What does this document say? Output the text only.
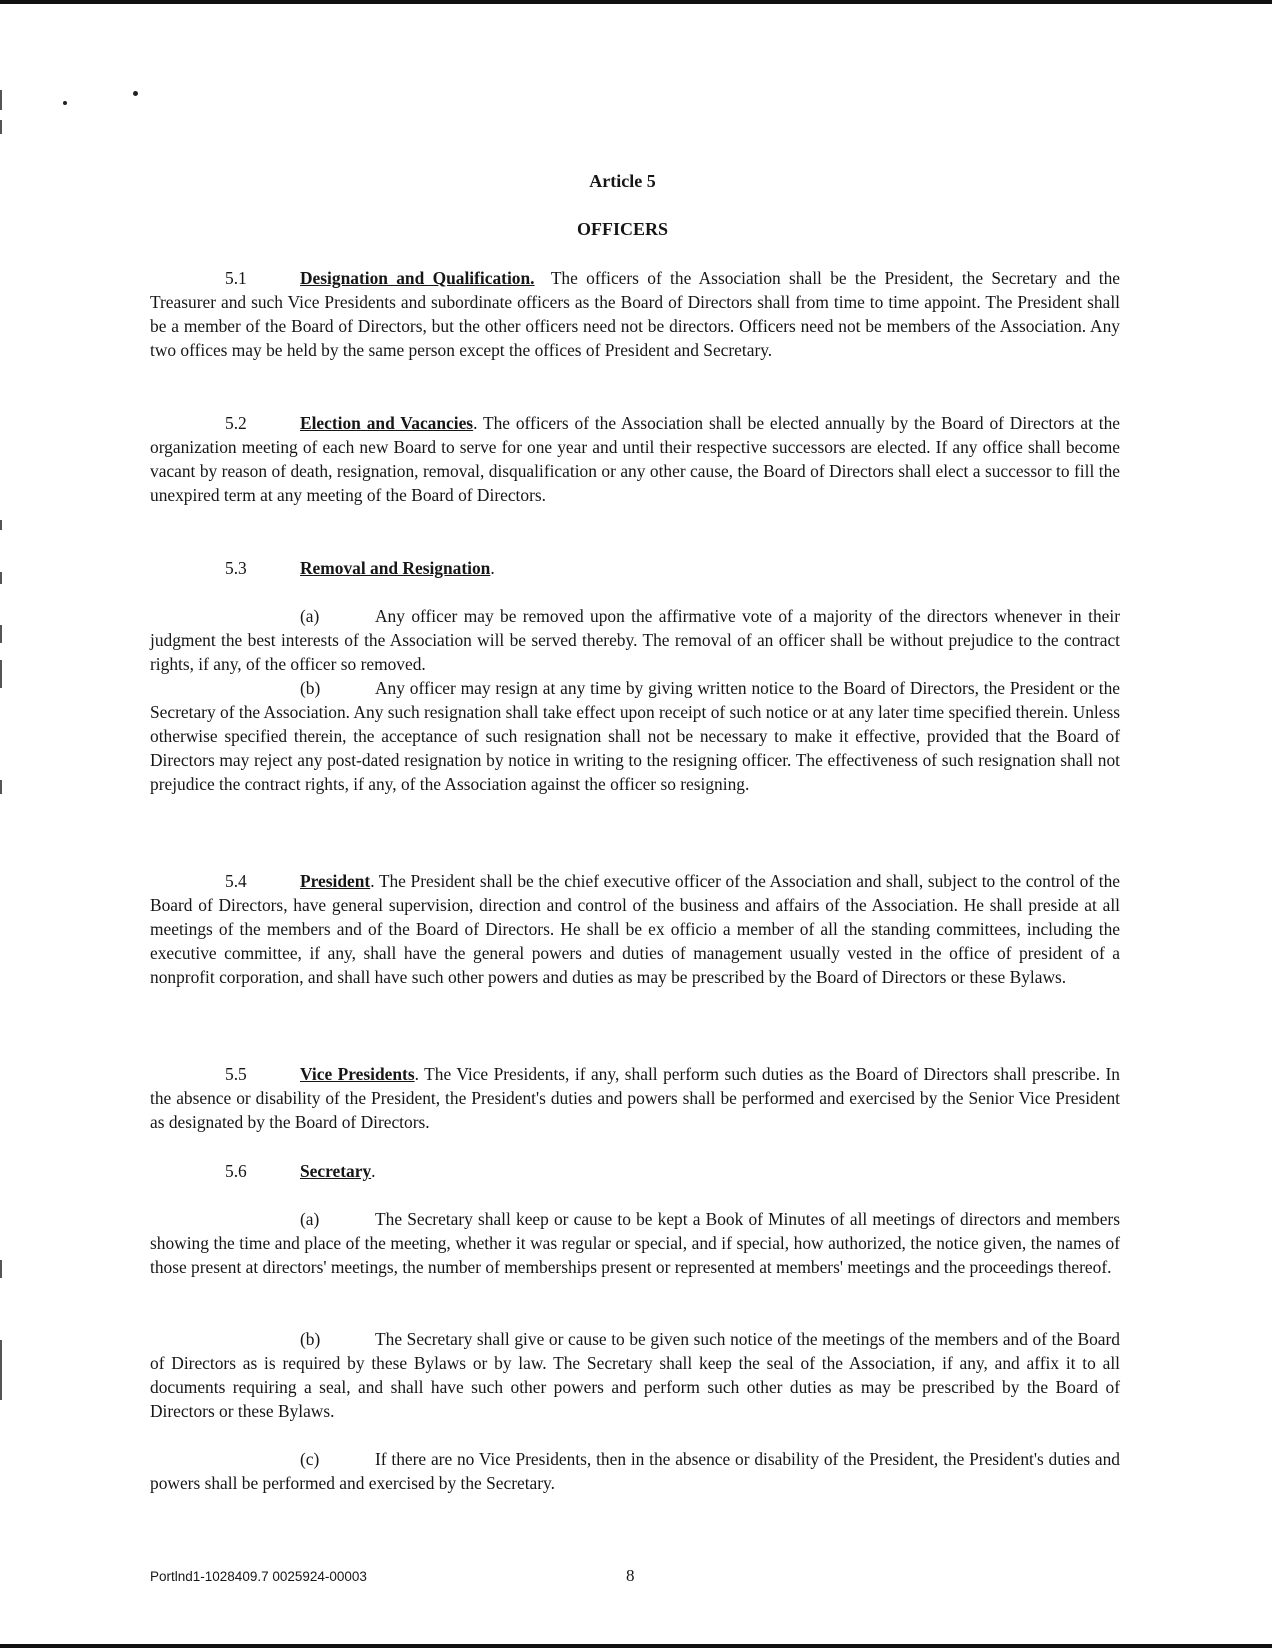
Article 5
OFFICERS

5.1	Designation and Qualification. The officers of the Association shall be the President, the Secretary and the Treasurer and such Vice Presidents and subordinate officers as the Board of Directors shall from time to time appoint. The President shall be a member of the Board of Directors, but the other officers need not be directors. Officers need not be members of the Association. Any two offices may be held by the same person except the offices of President and Secretary.

5.2	Election and Vacancies. The officers of the Association shall be elected annually by the Board of Directors at the organization meeting of each new Board to serve for one year and until their respective successors are elected. If any office shall become vacant by reason of death, resignation, removal, disqualification or any other cause, the Board of Directors shall elect a successor to fill the unexpired term at any meeting of the Board of Directors.

5.3	Removal and Resignation.

(a)	Any officer may be removed upon the affirmative vote of a majority of the directors whenever in their judgment the best interests of the Association will be served thereby. The removal of an officer shall be without prejudice to the contract rights, if any, of the officer so removed.

(b)	Any officer may resign at any time by giving written notice to the Board of Directors, the President or the Secretary of the Association. Any such resignation shall take effect upon receipt of such notice or at any later time specified therein. Unless otherwise specified therein, the acceptance of such resignation shall not be necessary to make it effective, provided that the Board of Directors may reject any post-dated resignation by notice in writing to the resigning officer. The effectiveness of such resignation shall not prejudice the contract rights, if any, of the Association against the officer so resigning.

5.4	President. The President shall be the chief executive officer of the Association and shall, subject to the control of the Board of Directors, have general supervision, direction and control of the business and affairs of the Association. He shall preside at all meetings of the members and of the Board of Directors. He shall be ex officio a member of all the standing committees, including the executive committee, if any, shall have the general powers and duties of management usually vested in the office of president of a nonprofit corporation, and shall have such other powers and duties as may be prescribed by the Board of Directors or these Bylaws.

5.5	Vice Presidents. The Vice Presidents, if any, shall perform such duties as the Board of Directors shall prescribe. In the absence or disability of the President, the President's duties and powers shall be performed and exercised by the Senior Vice President as designated by the Board of Directors.

5.6	Secretary.

(a)	The Secretary shall keep or cause to be kept a Book of Minutes of all meetings of directors and members showing the time and place of the meeting, whether it was regular or special, and if special, how authorized, the notice given, the names of those present at directors' meetings, the number of memberships present or represented at members' meetings and the proceedings thereof.

(b)	The Secretary shall give or cause to be given such notice of the meetings of the members and of the Board of Directors as is required by these Bylaws or by law. The Secretary shall keep the seal of the Association, if any, and affix it to all documents requiring a seal, and shall have such other powers and perform such other duties as may be prescribed by the Board of Directors or these Bylaws.

(c)	If there are no Vice Presidents, then in the absence or disability of the President, the President's duties and powers shall be performed and exercised by the Secretary.

Portlnd1-1028409.7 0025924-00003	8
